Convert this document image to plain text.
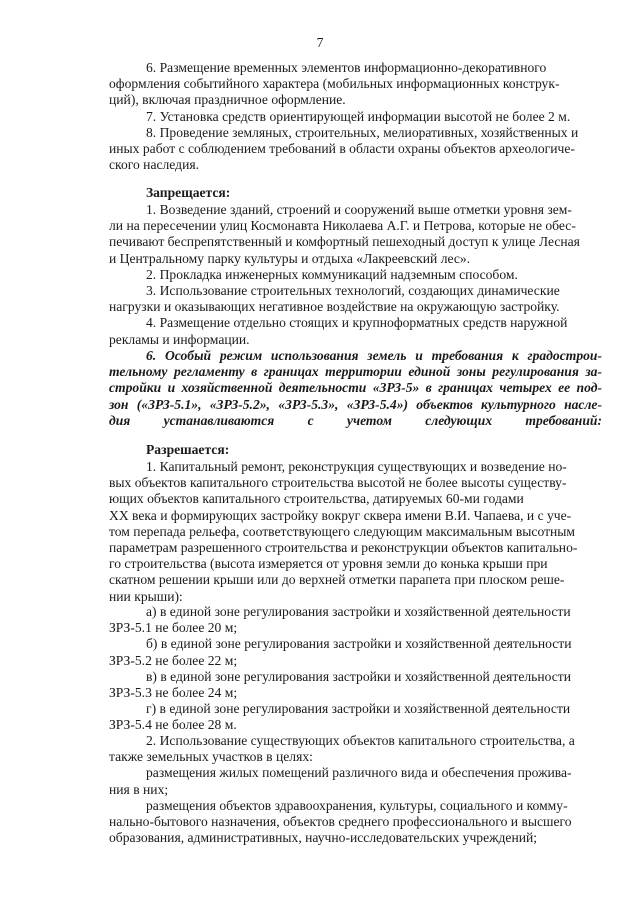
7
6. Размещение временных элементов информационно-декоративного
оформления событийного характера (мобильных информационных конструк-
ций), включая праздничное оформление.
7. Установка средств ориентирующей информации высотой не более 2 м.
8. Проведение земляных, строительных, мелиоративных, хозяйственных и
иных работ с соблюдением требований в области охраны объектов археологиче-
ского наследия.
Запрещается:
1. Возведение зданий, строений и сооружений выше отметки уровня зем-
ли на пересечении улиц Космонавта Николаева А.Г. и Петрова, которые не обес-
печивают беспрепятственный и комфортный пешеходный доступ к улице Лесная
и Центральному парку культуры и отдыха «Лакреевский лес».
2. Прокладка инженерных коммуникаций надземным способом.
3. Использование строительных технологий, создающих динамические
нагрузки и оказывающих негативное воздействие на окружающую застройку.
4. Размещение отдельно стоящих и крупноформатных средств наружной
рекламы и информации.
6. Особый режим использования земель и требования к градострои-
тельному регламенту в границах территории единой зоны регулирования за-
стройки и хозяйственной деятельности «ЗРЗ-5» в границах четырех ее под-
зон («ЗРЗ-5.1», «ЗРЗ-5.2», «ЗРЗ-5.3», «ЗРЗ-5.4») объектов культурного насле-
дия устанавливаются с учетом следующих требований:
Разрешается:
1. Капитальный ремонт, реконструкция существующих и возведение но-
вых объектов капитального строительства высотой не более высоты существу-
ющих объектов капитального строительства, датируемых 60-ми годами
XX века и формирующих застройку вокруг сквера имени В.И. Чапаева, и с уче-
том перепада рельефа, соответствующего следующим максимальным высотным
параметрам разрешенного строительства и реконструкции объектов капитально-
го строительства (высота измеряется от уровня земли до конька крыши при
скатном решении крыши или до верхней отметки парапета при плоском реше-
нии крыши):
а) в единой зоне регулирования застройки и хозяйственной деятельности
ЗРЗ-5.1 не более 20 м;
б) в единой зоне регулирования застройки и хозяйственной деятельности
ЗРЗ-5.2 не более 22 м;
в) в единой зоне регулирования застройки и хозяйственной деятельности
ЗРЗ-5.3 не более 24 м;
г) в единой зоне регулирования застройки и хозяйственной деятельности
ЗРЗ-5.4 не более 28 м.
2. Использование существующих объектов капитального строительства, а
также земельных участков в целях:
размещения жилых помещений различного вида и обеспечения прожива-
ния в них;
размещения объектов здравоохранения, культуры, социального и комму-
нально-бытового назначения, объектов среднего профессионального и высшего
образования, административных, научно-исследовательских учреждений;
